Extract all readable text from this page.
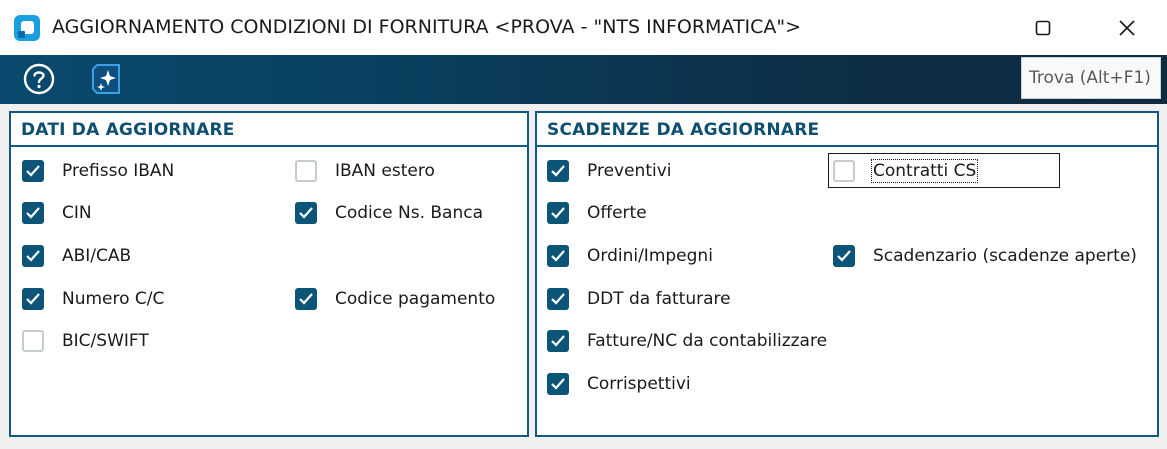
AGGIORNAMENTO CONDIZIONI DI FORNITURA <PROVA - "NTS INFORMATICA">
Trova (Alt+F1)
DATI DA AGGIORNARE	SCADENZE DA AGGIORNARE
Prefisso IBAN
CIN
ABI/CAB
Numero C/C
BIC/SWIFT
IBAN estero
Codice Ns. Banca
Codice pagamento
Preventivi
Offerte
Ordini/Impegni
DDT da fatturare
Fatture/NC da contabilizzare
Corrispettivi
Contratti CS
Scadenzario (scadenze aperte)
